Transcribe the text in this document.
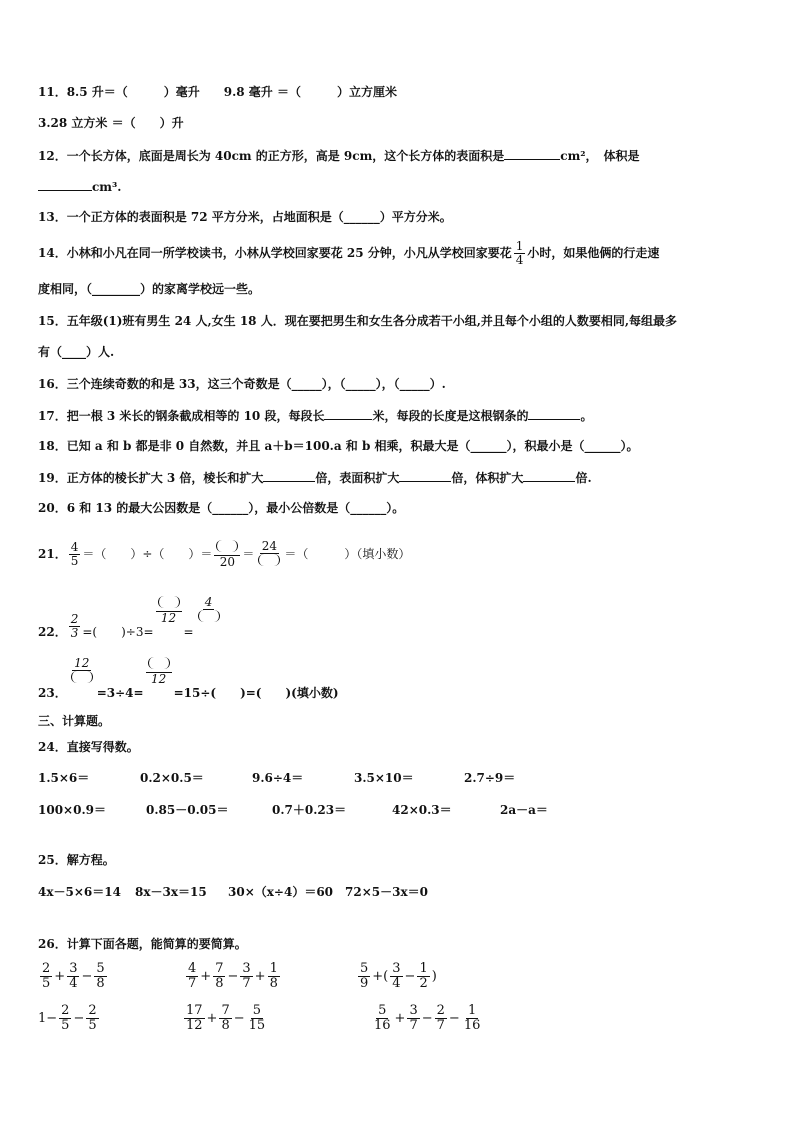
11．8.5 升＝（　　　）毫升　　9.8 毫升 ＝（　　　）立方厘米
3.28 立方米 ＝（　　）升
12．一个长方体，底面是周长为 40cm 的正方形，高是 9cm，这个长方体的表面积是	cm²，　体积是
cm³.
13．一个正方体的表面积是 72 平方分米，占地面积是（______）平方分米。
14．小林和小凡在同一所学校读书，小林从学校回家要花 25 分钟，小凡从学校回家要花 $\frac{1}{4}$ 小时，如果他俩的行走速
度相同，（________）的家离学校远一些。
15．五年级(1)班有男生 24 人,女生 18 人．现在要把男生和女生各分成若干小组,并且每个小组的人数要相同,每组最多
有（____）人.
16．三个连续奇数的和是 33，这三个奇数是（_____），（_____），（_____）.
17．把一根 3 米长的钢条截成相等的 10 段，每段长	米，每段的长度是这根钢条的	。
18．已知 a 和 b 都是非 0 自然数，并且 a＋b＝100.a 和 b 相乘，积最大是（______），积最小是（______）。
19．正方体的棱长扩大 3 倍，棱长和扩大	倍，表面积扩大	倍，体积扩大	倍.
20．6 和 13 的最大公因数是（______），最小公倍数是（______）。
21． $\frac{4}{5}$ ＝（　　）÷（　　）＝
20
＝
24
＝（　　　）（填小数）
22． $\frac{2}{3}$ =(　　)÷3=
12
=
4
23．
12
=3÷4=
12
=15÷(　　)=(　　)(填小数)
三、计算题。
24．直接写得数。
1.5×6＝	0.2×0.5＝	9.6÷4＝	3.5×10＝	2.7÷9＝
100×0.9＝	0.85－0.05＝	0.7＋0.23＝	42×0.3＝	2a－a＝
25．解方程。
4x－5×6＝14 8x－3x＝15 30×（x÷4）＝60 72×5－3x＝0
26．计算下面各题，能简算的要简算。
$\frac{2}{5} + \frac{3}{4} - \frac{5}{8}$	$\frac{4}{7} + \frac{7}{8} - \frac{3}{7} + \frac{1}{8}$	$\frac{5}{9}$ +( $\frac{3}{4} - \frac{1}{2}$ )
$1- \frac{2}{5} - \frac{2}{5}$	$\frac{17}{12} + \frac{7}{8} - \frac{5}{15}$	$\frac{5}{16} + \frac{3}{7} - \frac{2}{7} - \frac{1}{16}$
